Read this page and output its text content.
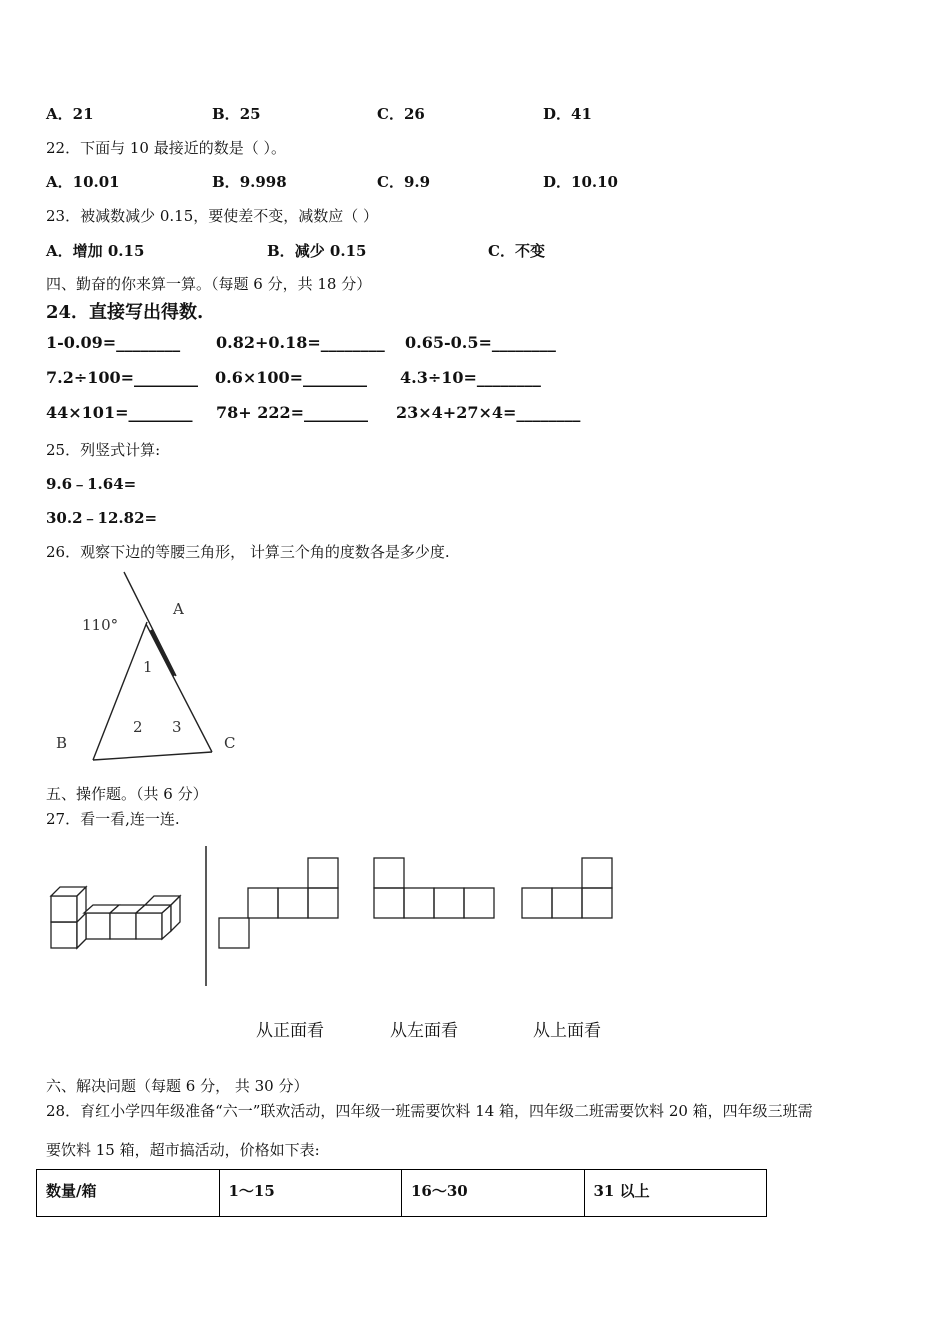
A．21	B．25	C．26	D．41
22．下面与 10 最接近的数是（ ）。
A．10.01	B．9.998	C．9.9	D．10.10
23．被减数减少 0.15，要使差不变，减数应（ ）
A．增加 0.15	B．减少 0.15	C．不变
四、勤奋的你来算一算。（每题 6 分，共 18 分）
24．直接写出得数.
1-0.09=________ 0.82+0.18=________ 0.65-0.5=________
7.2÷100=________ 0.6×100=________ 4.3÷10=________
44×101=________ 78+ 222=________ 23×4+27×4=________
25．列竖式计算:
9.6﹣1.64=
30.2﹣12.82=
26．观察下边的等腰三角形， 计算三个角的度数各是多少度.
110°
A
B	C
1
2 3
五、操作题。（共 6 分）
27．看一看,连一连.
从正面看	从左面看	从上面看
六、解决问题（每题 6 分， 共 30 分）
28．育红小学四年级准备“六一”联欢活动，四年级一班需要饮料 14 箱，四年级二班需要饮料 20 箱，四年级三班需
要饮料 15 箱，超市搞活动，价格如下表:
数量/箱	1～15	16～30	31 以上
